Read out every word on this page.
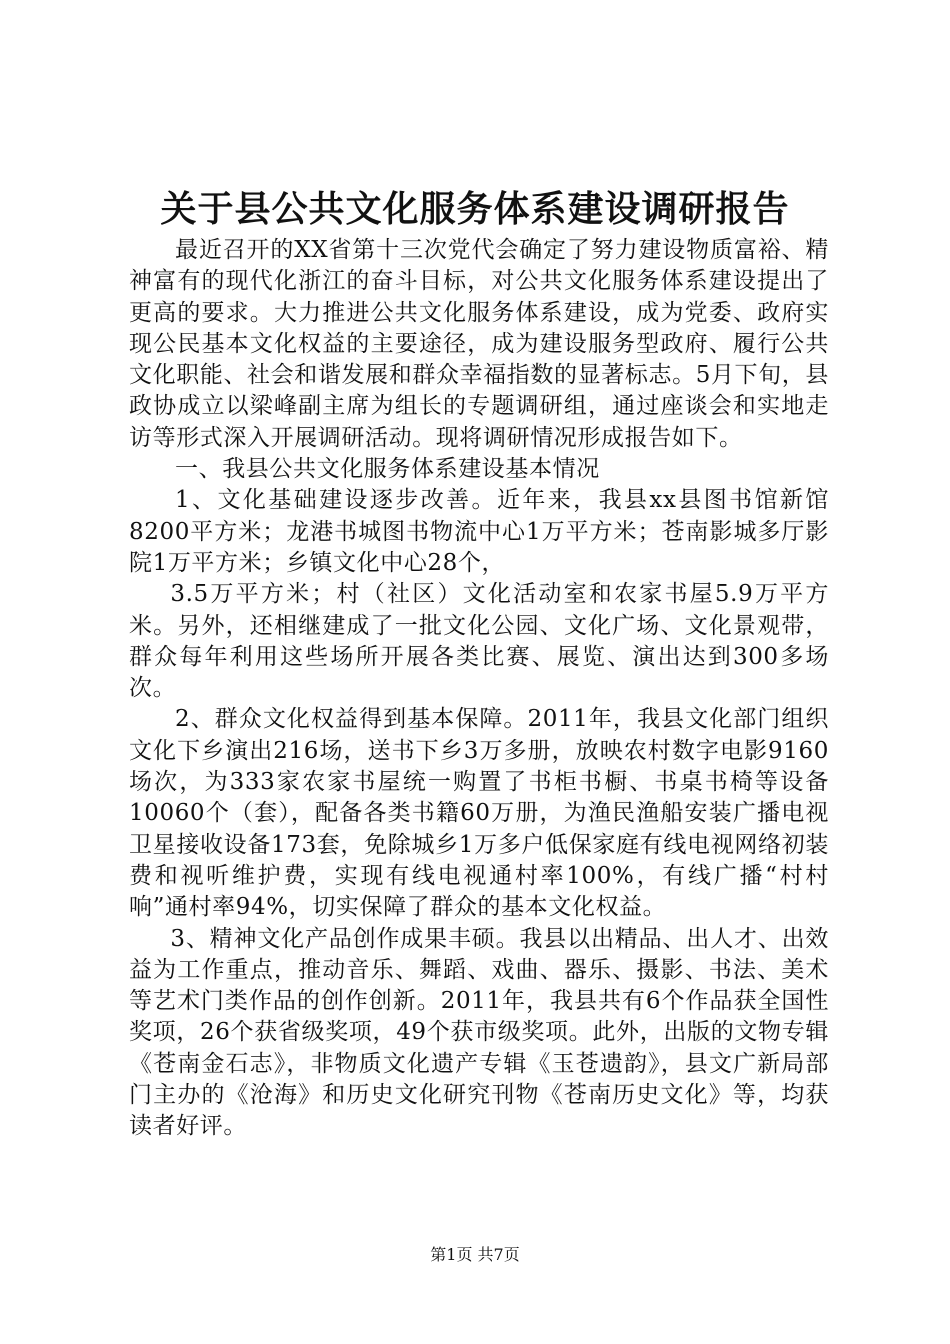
关于县公共文化服务体系建设调研报告

最近召开的XX省第十三次党代会确定了努力建设物质富裕、精神富有的现代化浙江的奋斗目标，对公共文化服务体系建设提出了更高的要求。大力推进公共文化服务体系建设，成为党委、政府实现公民基本文化权益的主要途径，成为建设服务型政府、履行公共文化职能、社会和谐发展和群众幸福指数的显著标志。5月下旬，县政协成立以梁峰副主席为组长的专题调研组，通过座谈会和实地走访等形式深入开展调研活动。现将调研情况形成报告如下。

一、我县公共文化服务体系建设基本情况

1、文化基础建设逐步改善。近年来，我县xx县图书馆新馆8200平方米；龙港书城图书物流中心1万平方米；苍南影城多厅影院1万平方米；乡镇文化中心28个，

3.5万平方米；村（社区）文化活动室和农家书屋5.9万平方米。另外，还相继建成了一批文化公园、文化广场、文化景观带，群众每年利用这些场所开展各类比赛、展览、演出达到300多场次。

2、群众文化权益得到基本保障。2011年，我县文化部门组织文化下乡演出216场，送书下乡3万多册，放映农村数字电影9160场次，为333家农家书屋统一购置了书柜书橱、书桌书椅等设备10060个（套），配备各类书籍60万册，为渔民渔船安装广播电视卫星接收设备173套，免除城乡1万多户低保家庭有线电视网络初装费和视听维护费，实现有线电视通村率100%，有线广播“村村响”通村率94%，切实保障了群众的基本文化权益。

3、精神文化产品创作成果丰硕。我县以出精品、出人才、出效益为工作重点，推动音乐、舞蹈、戏曲、器乐、摄影、书法、美术等艺术门类作品的创作创新。2011年，我县共有6个作品获全国性奖项，26个获省级奖项，49个获市级奖项。此外，出版的文物专辑《苍南金石志》，非物质文化遗产专辑《玉苍遗韵》，县文广新局部门主办的《沧海》和历史文化研究刊物《苍南历史文化》等，均获读者好评。

第1页 共7页
